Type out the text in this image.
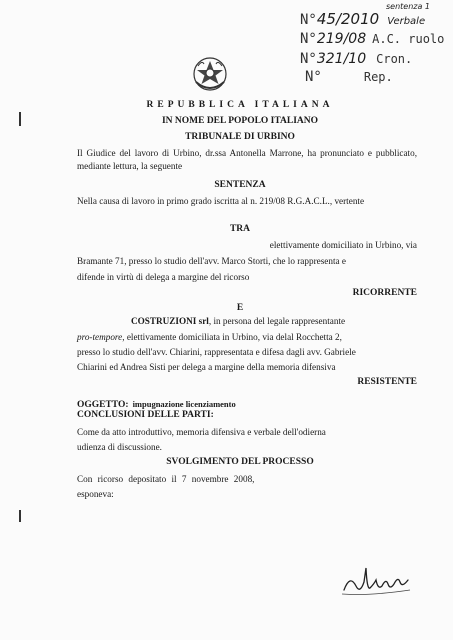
sentenza 1
N°45/2010 Verbale
N°219/08 A.C. ruolo
N°321/10 Cron.
N°	Rep.
REPUBBLICA ITALIANA
IN NOME DEL POPOLO ITALIANO
TRIBUNALE DI URBINO
Il Giudice del lavoro di Urbino, dr.ssa Antonella Marrone, ha pronunciato e pubblicato, mediante lettura, la seguente
SENTENZA
Nella causa di lavoro in primo grado iscritta al n. 219/08 R.G.A.C.L., vertente
TRA
elettivamente domiciliato in Urbino, via
Bramante 71, presso lo studio dell'avv. Marco Storti, che lo rappresenta e
difende in virtù di delega a margine del ricorso
RICORRENTE
E
COSTRUZIONI srl, in persona del legale rappresentante
pro-tempore, elettivamente domiciliata in Urbino, via delal Rocchetta 2,
presso lo studio dell'avv. Chiarini, rappresentata e difesa dagli avv. Gabriele
Chiarini ed Andrea Sisti per delega a margine della memoria difensiva
RESISTENTE
OGGETTO: impugnazione licenziamento
CONCLUSIONI DELLE PARTI:
Come da atto introduttivo, memoria difensiva e verbale dell'odierna
udienza di discussione.
SVOLGIMENTO DEL PROCESSO
Con ricorso depositato il 7 novembre 2008,
esponeva:
